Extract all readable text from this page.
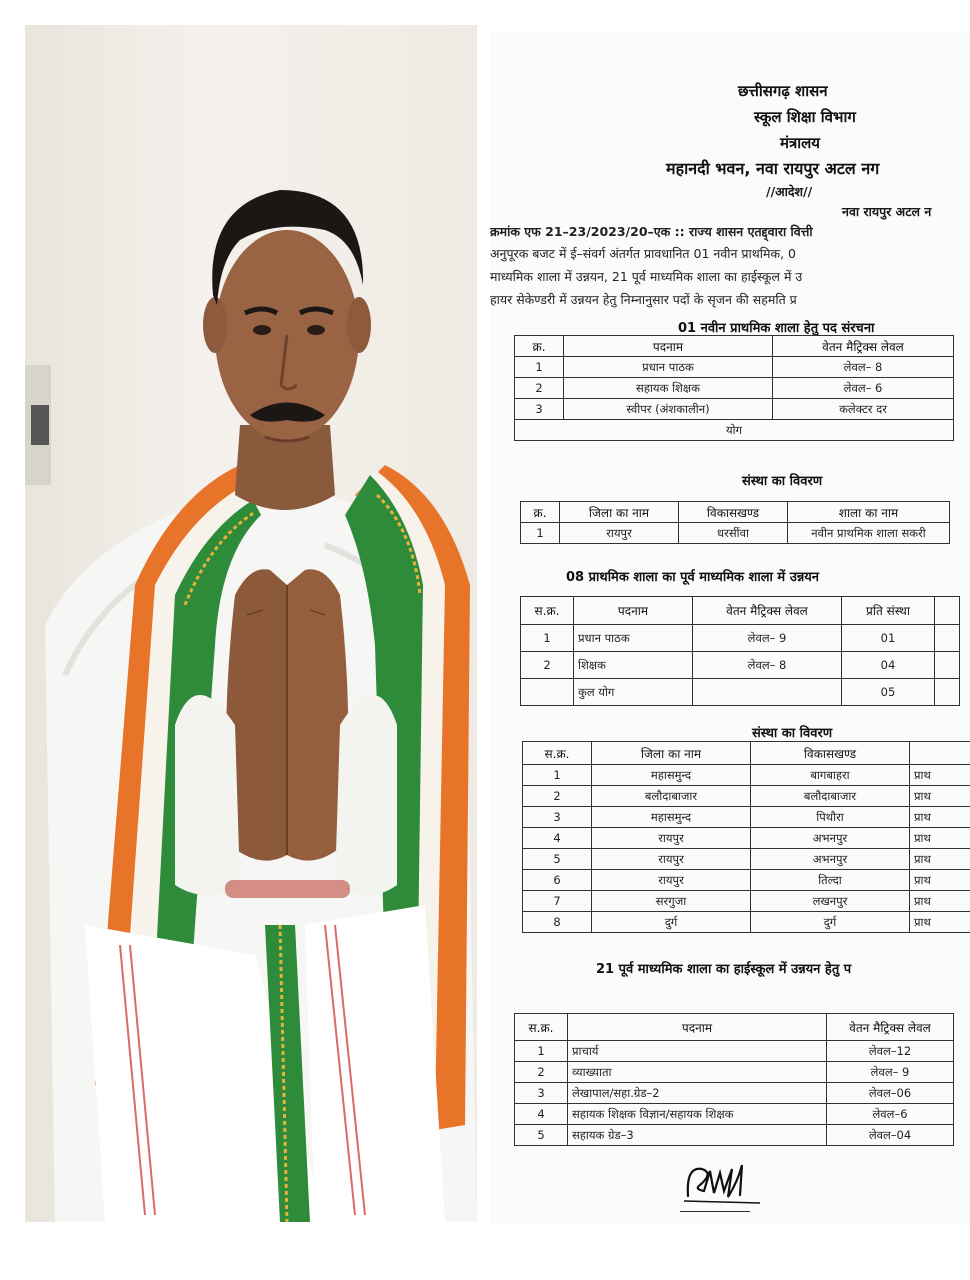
छत्तीसगढ़ शासन
स्कूल शिक्षा विभाग
मंत्रालय
महानदी भवन, नवा रायपुर अटल नग
//आदेश//
नवा रायपुर अटल न
क्रमांक एफ 21–23/2023/20–एक :: राज्य शासन एतद्द्वारा वित्ती
अनुपूरक बजट में ई–संवर्ग अंतर्गत प्रावधानित 01 नवीन प्राथमिक, 0
माध्यमिक शाला में उन्नयन, 21 पूर्व माध्यमिक शाला का हाईस्कूल में उ
हायर सेकेण्डरी में उन्नयन हेतु निम्नानुसार पदों के सृजन की सहमति प्र
01 नवीन प्राथमिक शाला हेतु पद संरचना
क्र.	पदनाम	वेतन मैट्रिक्स लेवल
1	प्रधान पाठक	लेवल– 8
2	सहायक शिक्षक	लेवल– 6
3	स्वीपर (अंशकालीन)	कलेक्टर दर
योग		
संस्था का विवरण
क्र.	जिला का नाम	विकासखण्ड	शाला का नाम
1	रायपुर	धरसींवा	नवीन प्राथमिक शाला सकरी
08 प्राथमिक शाला का पूर्व माध्यमिक शाला में उन्नयन
स.क्र.	पदनाम	वेतन मैट्रिक्स लेवल	प्रति संस्था	
1	प्रधान पाठक	लेवल– 9	01	
2	शिक्षक	लेवल– 8	04	
	कुल योग		05	
संस्था का विवरण
स.क्र.	जिला का नाम	विकासखण्ड	
1	महासमुन्द	बागबाहरा	प्राथ
2	बलौदाबाजार	बलौदाबाजार	प्राथ
3	महासमुन्द	पिथौरा	प्राथ
4	रायपुर	अभनपुर	प्राथ
5	रायपुर	अभनपुर	प्राथ
6	रायपुर	तिल्दा	प्राथ
7	सरगुजा	लखनपुर	प्राथ
8	दुर्ग	दुर्ग	प्राथ
21 पूर्व माध्यमिक शाला का हाईस्कूल में उन्नयन हेतु प
स.क्र.	पदनाम	वेतन मैट्रिक्स लेवल
1	प्राचार्य	लेवल–12
2	व्याख्याता	लेवल– 9
3	लेखापाल/सहा.ग्रेड–2	लेवल–06
4	सहायक शिक्षक विज्ञान/सहायक शिक्षक	लेवल–6
5	सहायक ग्रेड–3	लेवल–04
